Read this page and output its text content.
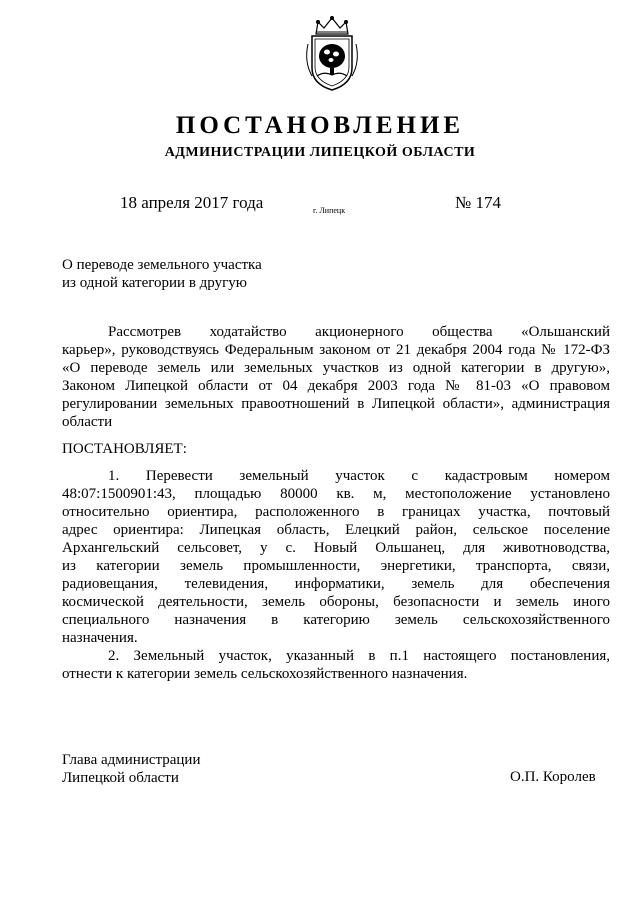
ПОСТАНОВЛЕНИЕ
АДМИНИСТРАЦИИ ЛИПЕЦКОЙ ОБЛАСТИ
18 апреля 2017 года	г. Липецк	№ 174
О переводе земельного участка
из одной категории в другую
Рассмотрев ходатайство акционерного общества «Ольшанский
карьер», руководствуясь Федеральным законом от 21 декабря 2004 года № 172-ФЗ
«О переводе земель или земельных участков из одной категории в другую»,
Законом Липецкой области от 04 декабря 2003 года № 81-03 «О правовом
регулировании земельных правоотношений в Липецкой области», администрация
области
ПОСТАНОВЛЯЕТ:
1. Перевести земельный участок с кадастровым номером
48:07:1500901:43, площадью 80000 кв. м, местоположение установлено
относительно ориентира, расположенного в границах участка, почтовый
адрес ориентира: Липецкая область, Елецкий район, сельское поселение
Архангельский сельсовет, у с. Новый Ольшанец, для животноводства,
из категории земель промышленности, энергетики, транспорта, связи,
радиовещания, телевидения, информатики, земель для обеспечения
космической деятельности, земель обороны, безопасности и земель иного
специального назначения в категорию земель сельскохозяйственного
назначения.
2. Земельный участок, указанный в п.1 настоящего постановления,
отнести к категории земель сельскохозяйственного назначения.
Глава администрации
Липецкой области	О.П. Королев
